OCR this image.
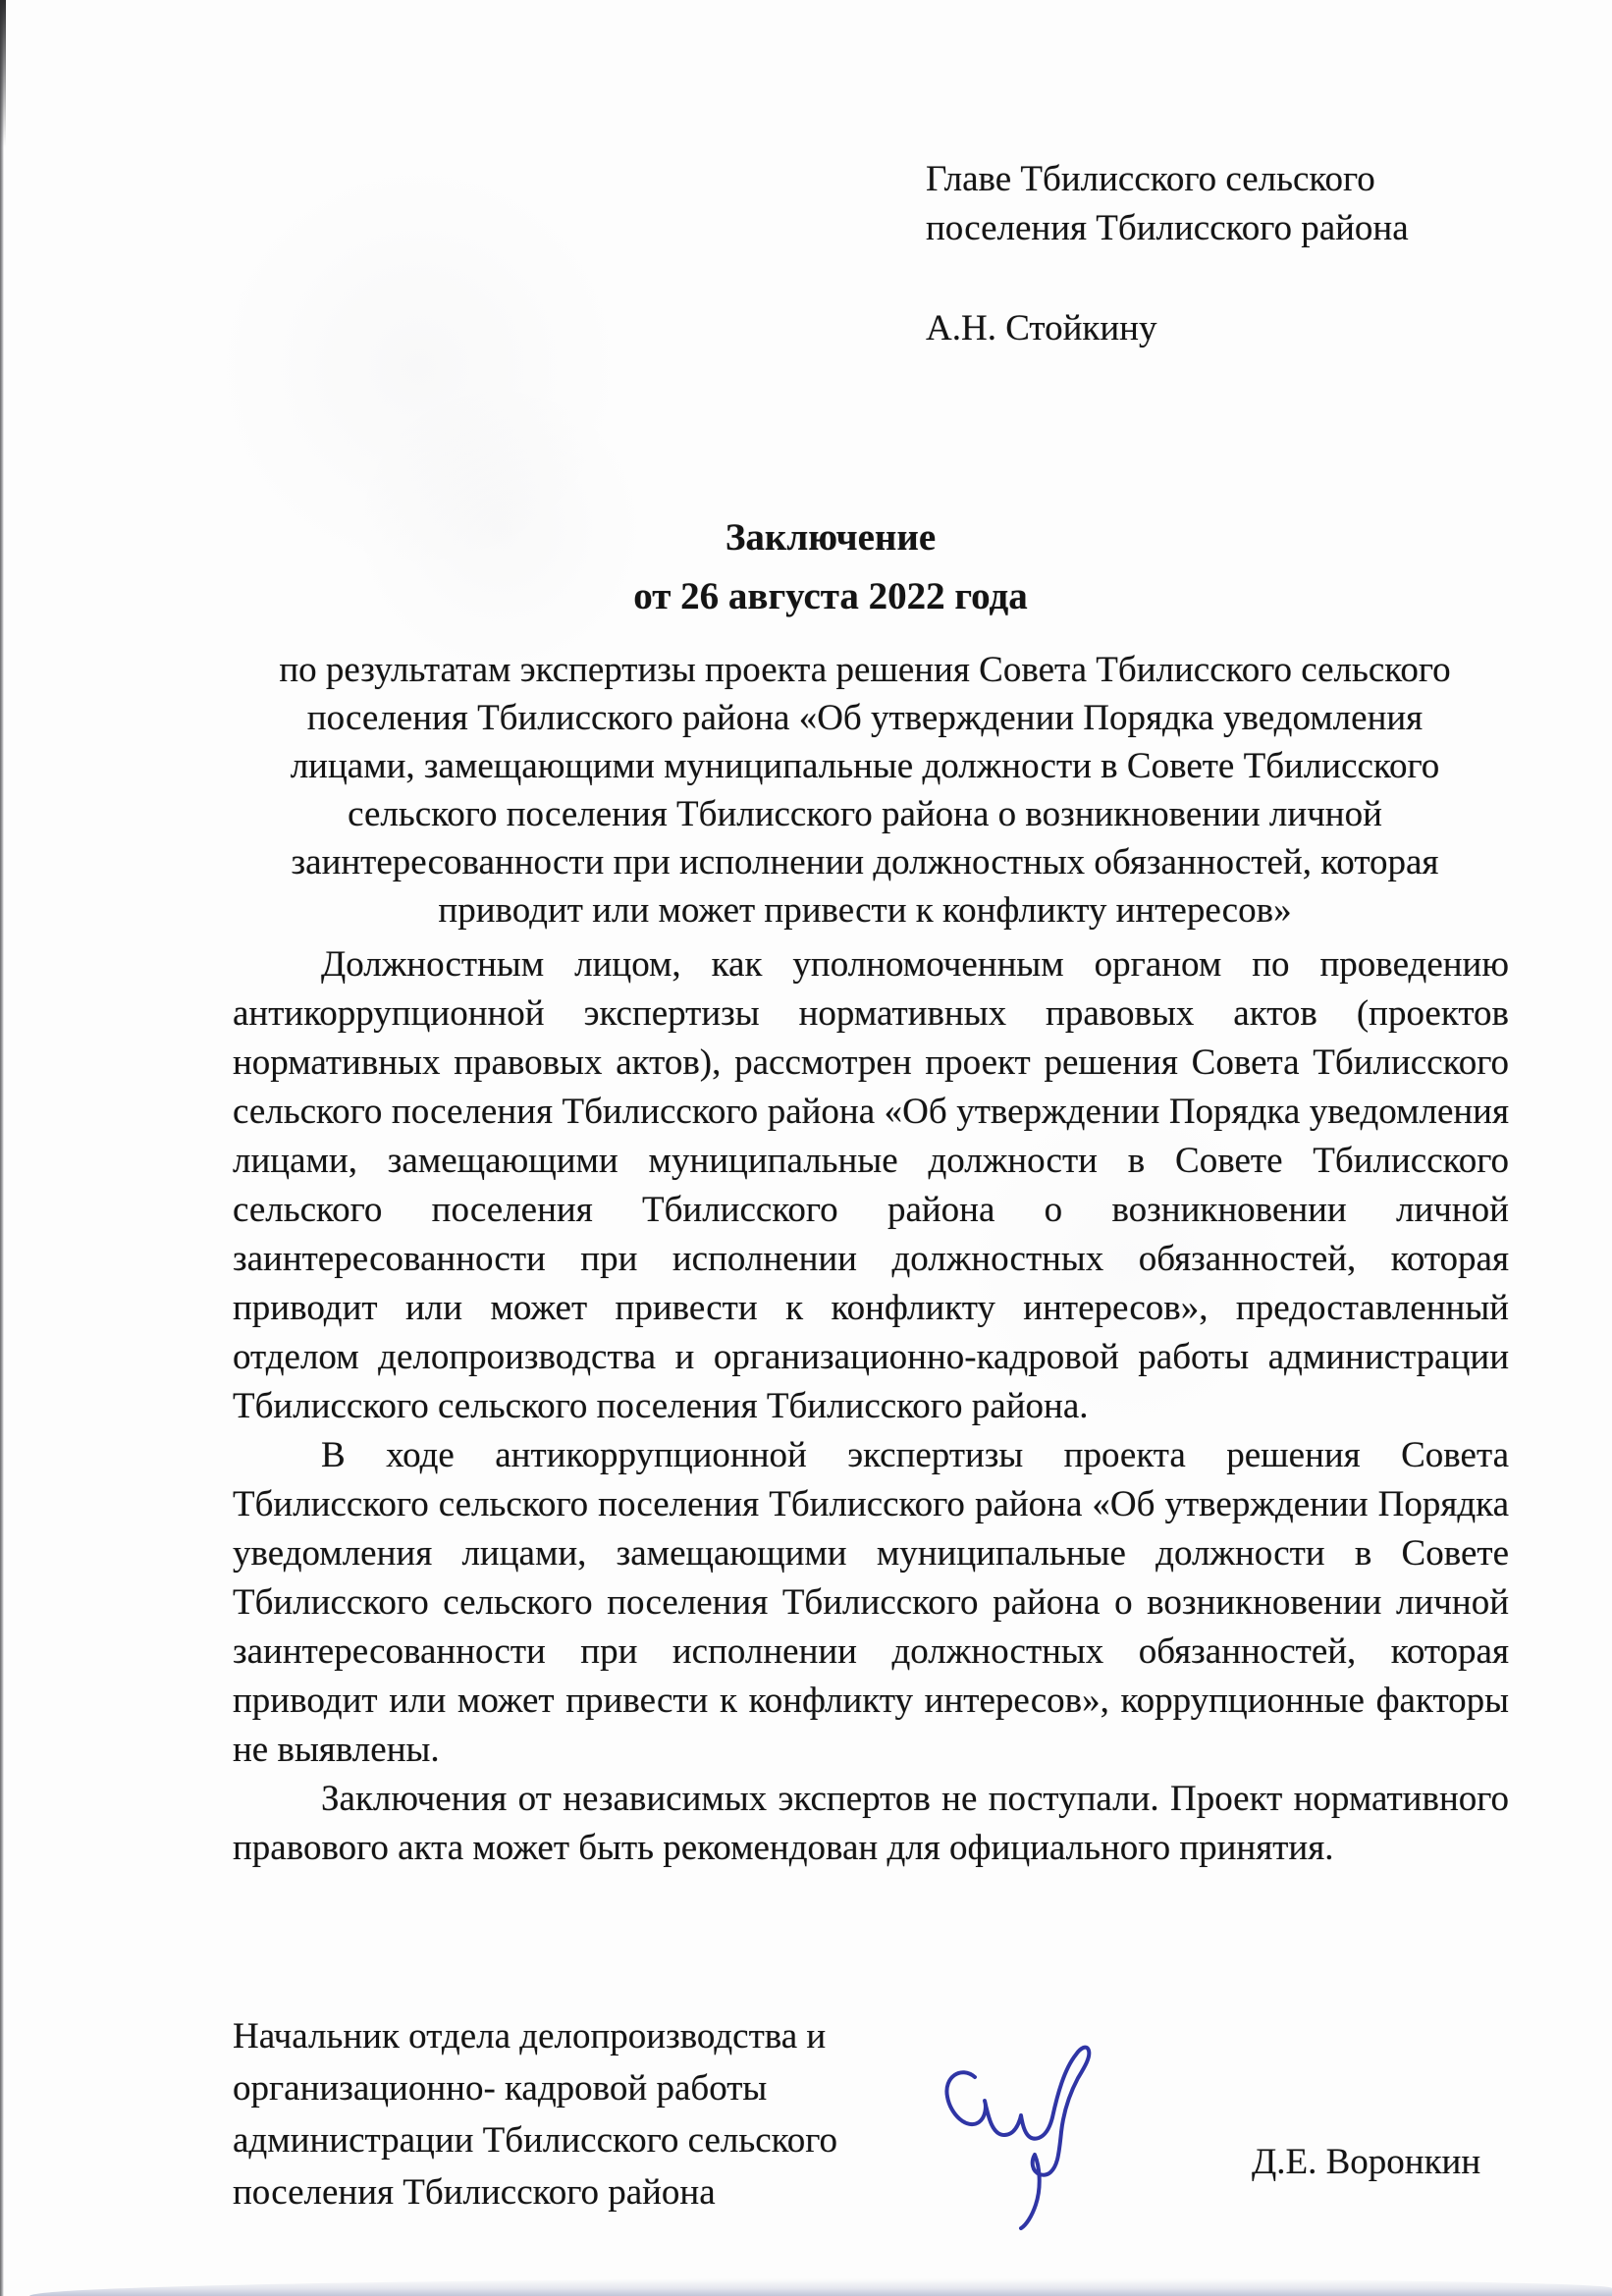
Главе Тбилисского сельского
поселения Тбилисского района
А.Н. Стойкину
Заключение
от 26 августа 2022 года
по результатам экспертизы проекта решения Совета Тбилисского сельского
поселения Тбилисского района «Об утверждении Порядка уведомления
лицами, замещающими муниципальные должности в Совете Тбилисского
сельского поселения Тбилисского района о возникновении личной
заинтересованности при исполнении должностных обязанностей, которая
приводит или может привести к конфликту интересов»

Должностным лицом, как уполномоченным органом по проведению антикоррупционной экспертизы нормативных правовых актов (проектов нормативных правовых актов), рассмотрен проект решения Совета Тбилисского сельского поселения Тбилисского района «Об утверждении Порядка уведомления лицами, замещающими муниципальные должности в Совете Тбилисского сельского поселения Тбилисского района о возникновении личной заинтересованности при исполнении должностных обязанностей, которая приводит или может привести к конфликту интересов», предоставленный отделом делопроизводства и организационно-кадровой работы администрации Тбилисского сельского поселения Тбилисского района.

В ходе антикоррупционной экспертизы проекта решения Совета Тбилисского сельского поселения Тбилисского района «Об утверждении Порядка уведомления лицами, замещающими муниципальные должности в Совете Тбилисского сельского поселения Тбилисского района о возникновении личной заинтересованности при исполнении должностных обязанностей, которая приводит или может привести к конфликту интересов», коррупционные факторы не выявлены.

Заключения от независимых экспертов не поступали. Проект нормативного правового акта может быть рекомендован для официального принятия.

Начальник отдела делопроизводства и
организационно- кадровой работы
администрации Тбилисского сельского
поселения Тбилисского района
Д.Е. Воронкин
